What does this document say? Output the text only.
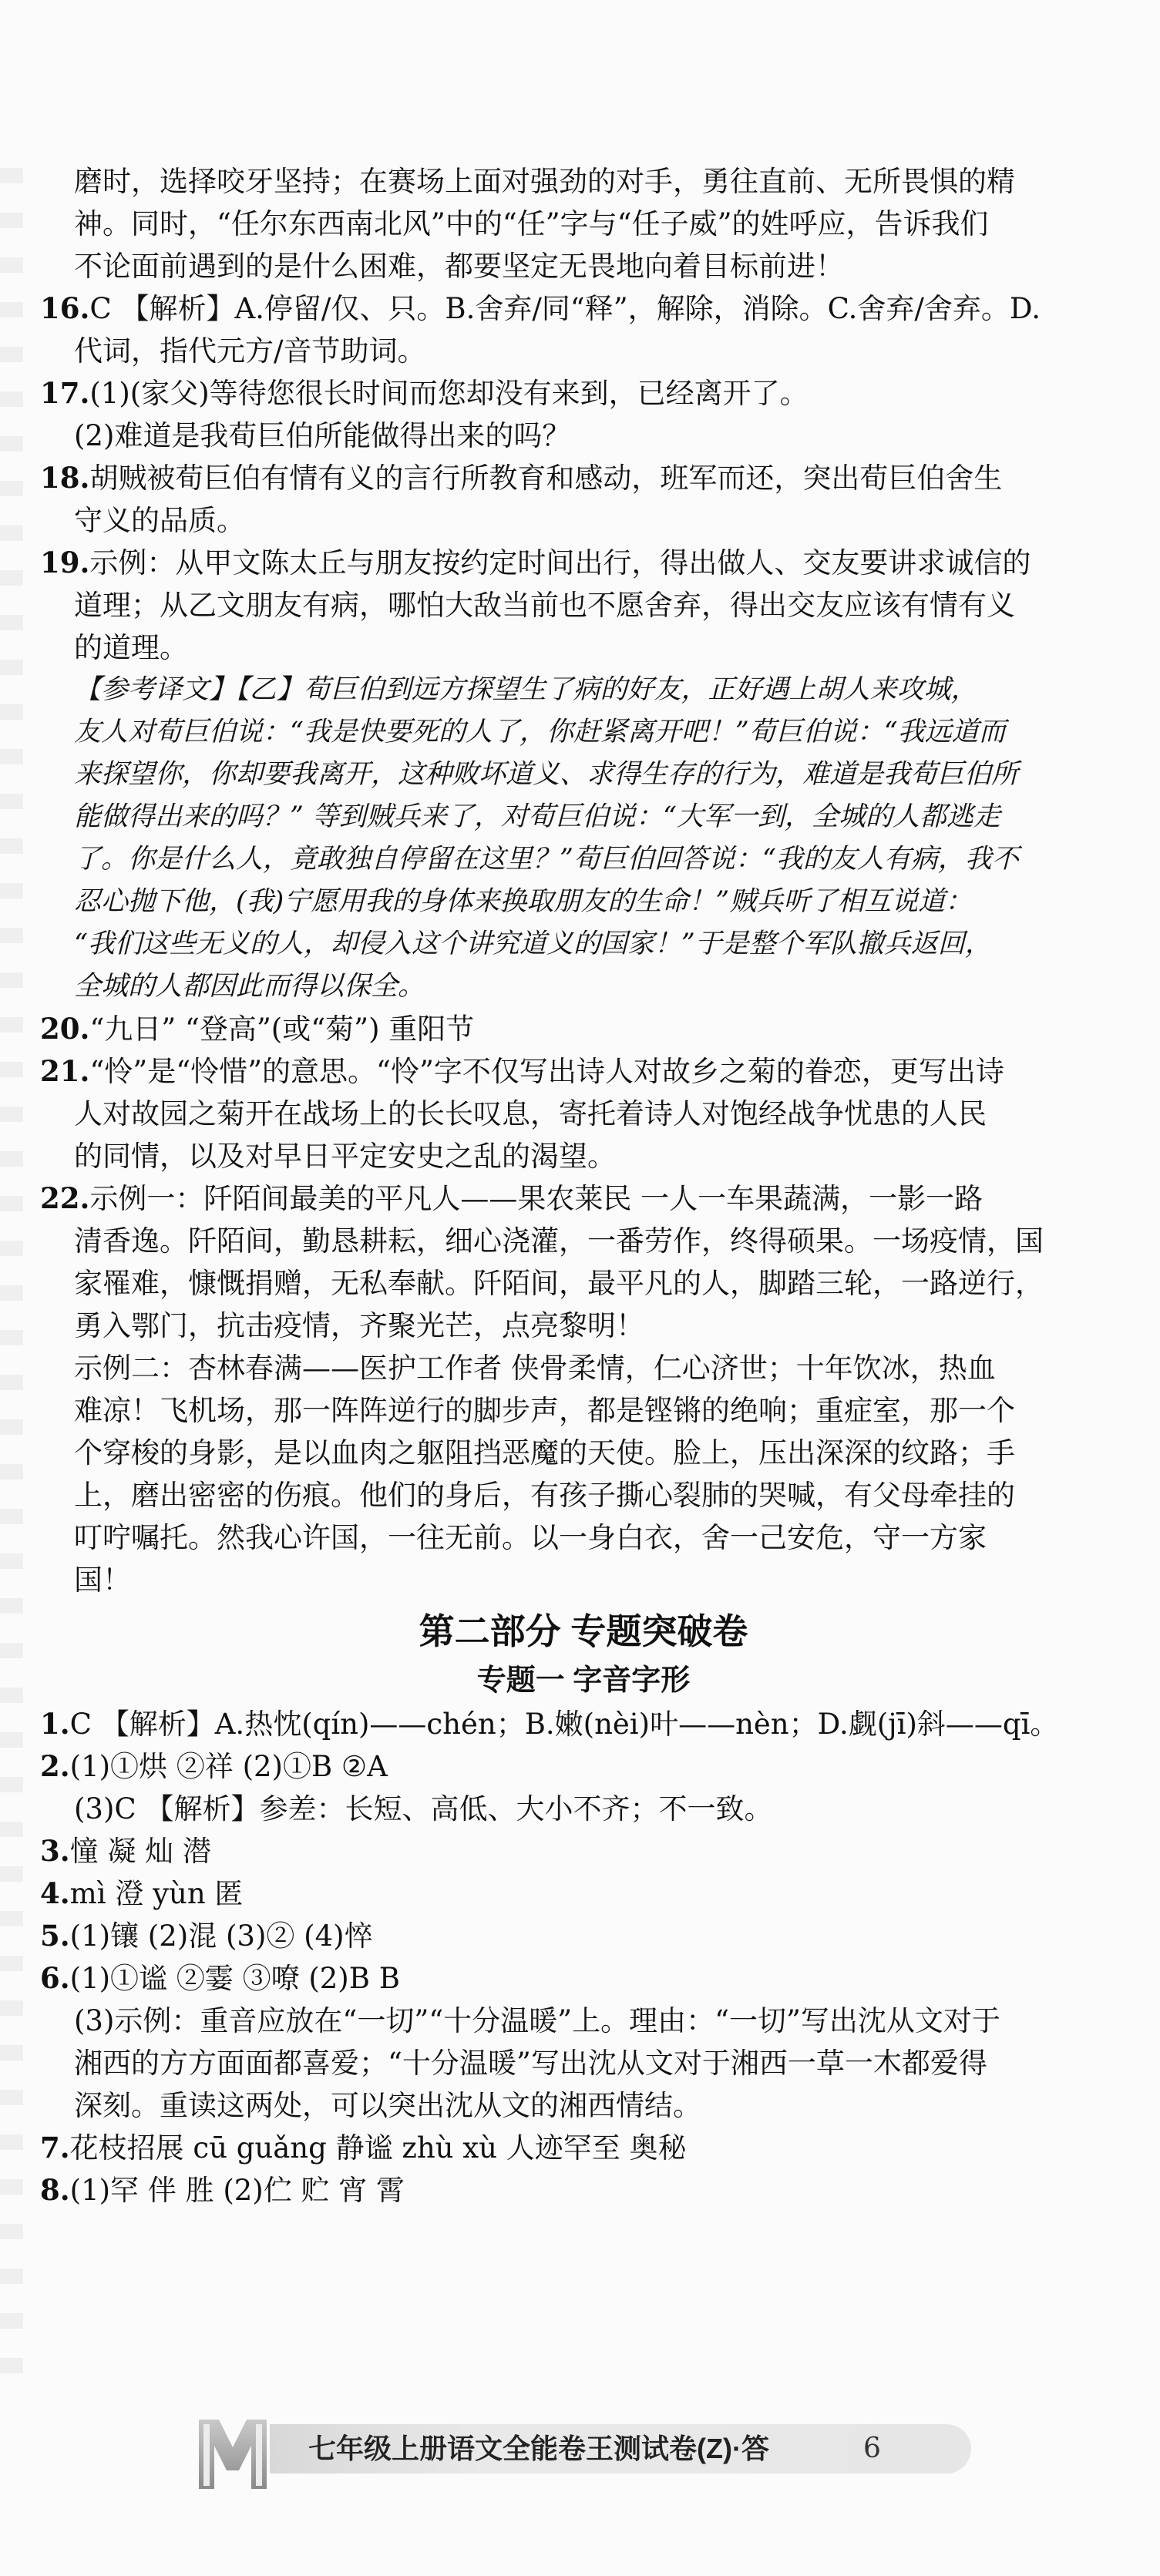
磨时，选择咬牙坚持；在赛场上面对强劲的对手，勇往直前、无所畏惧的精
神。同时，“任尔东西南北风”中的“任”字与“任子威”的姓呼应，告诉我们
不论面前遇到的是什么困难，都要坚定无畏地向着目标前进！
16.C 【解析】A.停留/仅、只。B.舍弃/同“释”，解除，消除。C.舍弃/舍弃。D.
代词，指代元方/音节助词。
17.(1)(家父)等待您很长时间而您却没有来到，已经离开了。
(2)难道是我荀巨伯所能做得出来的吗？
18.胡贼被荀巨伯有情有义的言行所教育和感动，班军而还，突出荀巨伯舍生
守义的品质。
19.示例：从甲文陈太丘与朋友按约定时间出行，得出做人、交友要讲求诚信的
道理；从乙文朋友有病，哪怕大敌当前也不愿舍弃，得出交友应该有情有义
的道理。
【参考译文】【乙】荀巨伯到远方探望生了病的好友，正好遇上胡人来攻城，
友人对荀巨伯说：“我是快要死的人了，你赶紧离开吧！”荀巨伯说：“我远道而
来探望你，你却要我离开，这种败坏道义、求得生存的行为，难道是我荀巨伯所
能做得出来的吗？” 等到贼兵来了，对荀巨伯说：“大军一到，全城的人都逃走
了。你是什么人，竟敢独自停留在这里？”荀巨伯回答说：“我的友人有病，我不
忍心抛下他，(我)宁愿用我的身体来换取朋友的生命！”贼兵听了相互说道：
“我们这些无义的人，却侵入这个讲究道义的国家！”于是整个军队撤兵返回，
全城的人都因此而得以保全。
20.“九日” “登高”(或“菊”) 重阳节
21.“怜”是“怜惜”的意思。“怜”字不仅写出诗人对故乡之菊的眷恋，更写出诗
人对故园之菊开在战场上的长长叹息，寄托着诗人对饱经战争忧患的人民
的同情，以及对早日平定安史之乱的渴望。
22.示例一：阡陌间最美的平凡人——果农莱民 一人一车果蔬满，一影一路
清香逸。阡陌间，勤恳耕耘，细心浇灌，一番劳作，终得硕果。一场疫情，国
家罹难，慷慨捐赠，无私奉献。阡陌间，最平凡的人，脚踏三轮，一路逆行，
勇入鄂门，抗击疫情，齐聚光芒，点亮黎明！
示例二：杏林春满——医护工作者 侠骨柔情，仁心济世；十年饮冰，热血
难凉！飞机场，那一阵阵逆行的脚步声，都是铿锵的绝响；重症室，那一个
个穿梭的身影，是以血肉之躯阻挡恶魔的天使。脸上，压出深深的纹路；手
上，磨出密密的伤痕。他们的身后，有孩子撕心裂肺的哭喊，有父母牵挂的
叮咛嘱托。然我心许国，一往无前。以一身白衣，舍一己安危，守一方家
国！
第二部分 专题突破卷
专题一 字音字形
1.C 【解析】A.热忱(qín)——chén；B.嫩(nèi)叶——nèn；D.觑(jī)斜——qī。
2.(1)①烘 ②祥 (2)①B ②A
(3)C 【解析】参差：长短、高低、大小不齐；不一致。
3.憧 凝 灿 潜
4.mì 澄 yùn 匿
5.(1)镶 (2)混 (3)② (4)悴
6.(1)①谧 ②霎 ③嘹 (2)B B
(3)示例：重音应放在“一切”“十分温暖”上。理由：“一切”写出沈从文对于
湘西的方方面面都喜爱；“十分温暖”写出沈从文对于湘西一草一木都爱得
深刻。重读这两处，可以突出沈从文的湘西情结。
7.花枝招展 cū guǎng 静谧 zhù xù 人迹罕至 奥秘
8.(1)罕 伴 胜 (2)伫 贮 宵 霄
七年级上册语文全能卷王测试卷(Z)·答	6
